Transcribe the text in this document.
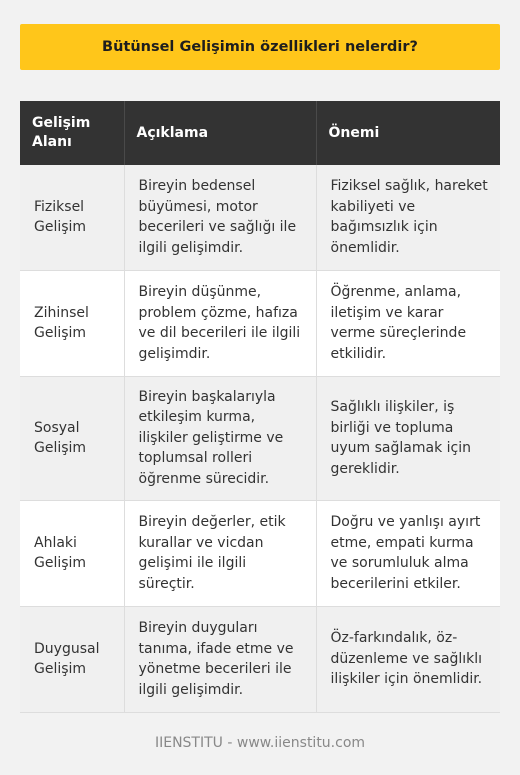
Bütünsel Gelişimin özellikleri nelerdir?
Gelişim Alanı	Açıklama	Önemi
Fiziksel Gelişim	Bireyin bedensel büyümesi, motor becerileri ve sağlığı ile ilgili gelişimdir.	Fiziksel sağlık, hareket kabiliyeti ve bağımsızlık için önemlidir.
Zihinsel Gelişim	Bireyin düşünme, problem çözme, hafıza ve dil becerileri ile ilgili gelişimdir.	Öğrenme, anlama, iletişim ve karar verme süreçlerinde etkilidir.
Sosyal Gelişim	Bireyin başkalarıyla etkileşim kurma, ilişkiler geliştirme ve toplumsal rolleri öğrenme sürecidir.	Sağlıklı ilişkiler, iş birliği ve topluma uyum sağlamak için gereklidir.
Ahlaki Gelişim	Bireyin değerler, etik kurallar ve vicdan gelişimi ile ilgili süreçtir.	Doğru ve yanlışı ayırt etme, empati kurma ve sorumluluk alma becerilerini etkiler.
Duygusal Gelişim	Bireyin duyguları tanıma, ifade etme ve yönetme becerileri ile ilgili gelişimdir.	Öz-farkındalık, öz-düzenleme ve sağlıklı ilişkiler için önemlidir.
IIENSTITU - www.iienstitu.com
